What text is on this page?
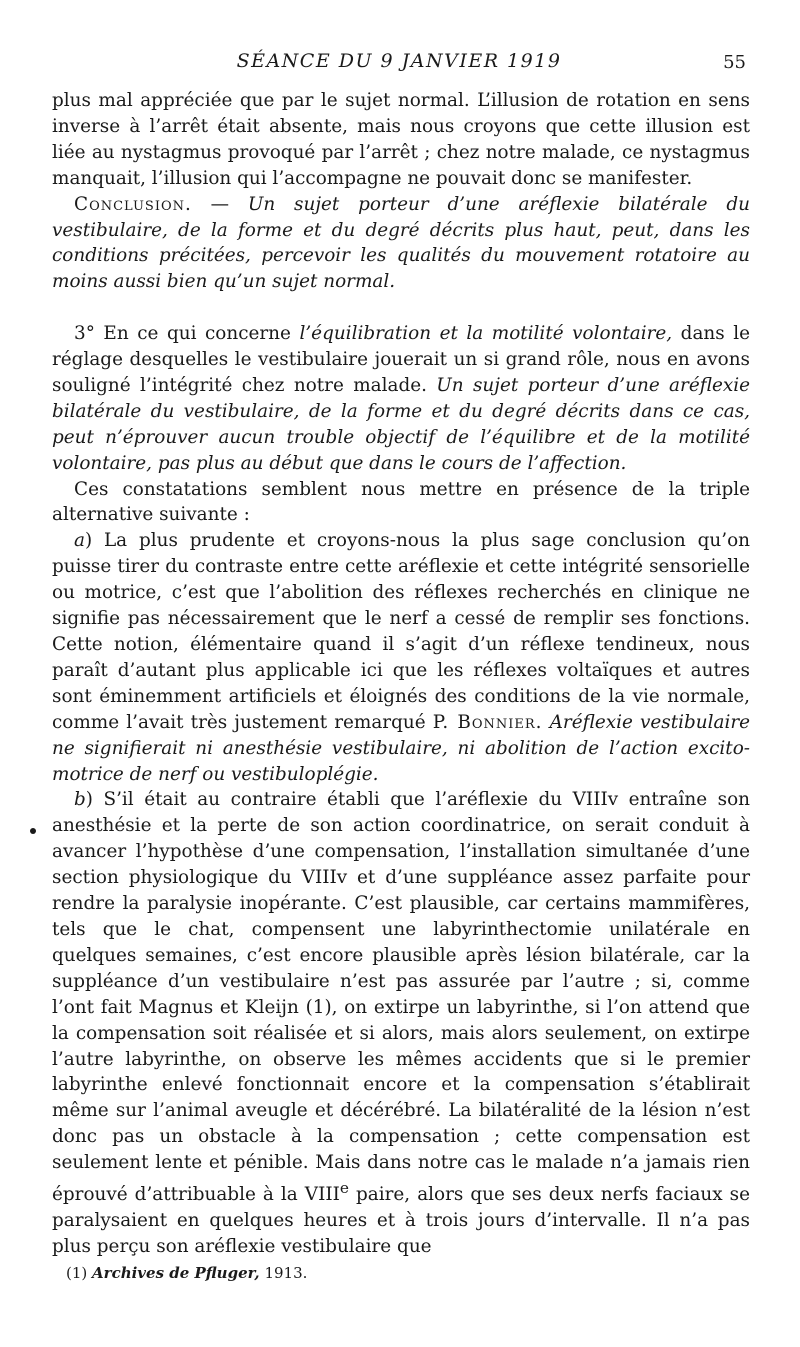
SÉANCE DU 9 JANVIER 1919	55

plus mal appréciée que par le sujet normal. L’illusion de rotation en sens inverse à l’arrêt était absente, mais nous croyons que cette illusion est liée au nystagmus provoqué par l’arrêt ; chez notre malade, ce nystagmus manquait, l’illusion qui l’accompagne ne pouvait donc se manifester.

Conclusion. — Un sujet porteur d’une aréflexie bilatérale du vestibulaire, de la forme et du degré décrits plus haut, peut, dans les conditions précitées, percevoir les qualités du mouvement rotatoire au moins aussi bien qu’un sujet normal.

3° En ce qui concerne l’équilibration et la motilité volontaire, dans le réglage desquelles le vestibulaire jouerait un si grand rôle, nous en avons souligné l’intégrité chez notre malade. Un sujet porteur d’une aréflexie bilatérale du vestibulaire, de la forme et du degré décrits dans ce cas, peut n’éprouver aucun trouble objectif de l’équilibre et de la motilité volontaire, pas plus au début que dans le cours de l’affection.

Ces constatations semblent nous mettre en présence de la triple alternative suivante :

a) La plus prudente et croyons-nous la plus sage conclusion qu’on puisse tirer du contraste entre cette aréflexie et cette intégrité sensorielle ou motrice, c’est que l’abolition des réflexes recherchés en clinique ne signifie pas nécessairement que le nerf a cessé de remplir ses fonctions. Cette notion, élémentaire quand il s’agit d’un réflexe tendineux, nous paraît d’autant plus applicable ici que les réflexes voltaïques et autres sont éminemment artificiels et éloignés des conditions de la vie normale, comme l’avait très justement remarqué P. Bonnier. Aréflexie vestibulaire ne signifierait ni anesthésie vestibulaire, ni abolition de l’action excito-motrice de nerf ou vestibuloplégie.

b) S’il était au contraire établi que l’aréflexie du VIIIv entraîne son anesthésie et la perte de son action coordinatrice, on serait conduit à avancer l’hypothèse d’une compensation, l’installation simultanée d’une section physiologique du VIIIv et d’une suppléance assez parfaite pour rendre la paralysie inopérante. C’est plausible, car certains mammifères, tels que le chat, compensent une labyrinthectomie unilatérale en quelques semaines, c’est encore plausible après lésion bilatérale, car la suppléance d’un vestibulaire n’est pas assurée par l’autre ; si, comme l’ont fait Magnus et Kleijn (1), on extirpe un labyrinthe, si l’on attend que la compensation soit réalisée et si alors, mais alors seulement, on extirpe l’autre labyrinthe, on observe les mêmes accidents que si le premier labyrinthe enlevé fonctionnait encore et la compensation s’établirait même sur l’animal aveugle et décérébré. La bilatéralité de la lésion n’est donc pas un obstacle à la compensation ; cette compensation est seulement lente et pénible. Mais dans notre cas le malade n’a jamais rien éprouvé d’attribuable à la VIIIe paire, alors que ses deux nerfs faciaux se paralysaient en quelques heures et à trois jours d’intervalle. Il n’a pas plus perçu son aréflexie vestibulaire que

(1) Archives de Pfluger, 1913.
